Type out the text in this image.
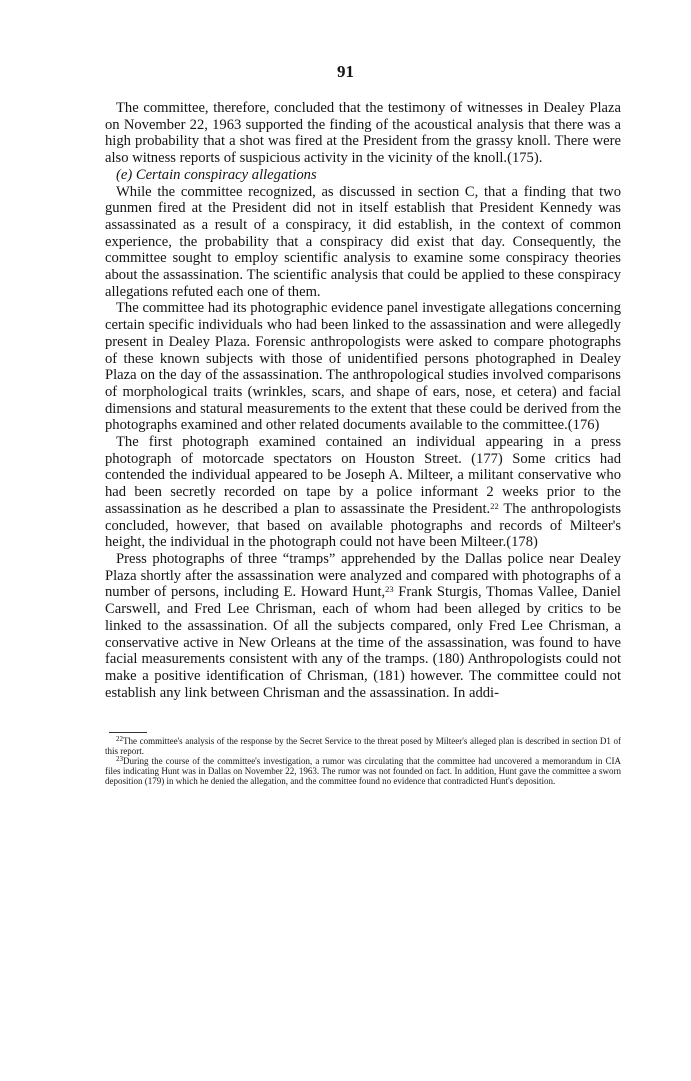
91

The committee, therefore, concluded that the testimony of witnesses in Dealey Plaza on November 22, 1963 supported the finding of the acoustical analysis that there was a high probability that a shot was fired at the President from the grassy knoll. There were also witness reports of suspicious activity in the vicinity of the knoll.(175).

(e) Certain conspiracy allegations

While the committee recognized, as discussed in section C, that a finding that two gunmen fired at the President did not in itself establish that President Kennedy was assassinated as a result of a conspiracy, it did establish, in the context of common experience, the probability that a conspiracy did exist that day. Consequently, the committee sought to employ scientific analysis to examine some conspiracy theories about the assassination. The scientific analysis that could be applied to these conspiracy allegations refuted each one of them.

The committee had its photographic evidence panel investigate allegations concerning certain specific individuals who had been linked to the assassination and were allegedly present in Dealey Plaza. Forensic anthropologists were asked to compare photographs of these known subjects with those of unidentified persons photographed in Dealey Plaza on the day of the assassination. The anthropological studies involved comparisons of morphological traits (wrinkles, scars, and shape of ears, nose, et cetera) and facial dimensions and statural measurements to the extent that these could be derived from the photographs examined and other related documents available to the committee.(176)

The first photograph examined contained an individual appearing in a press photograph of motorcade spectators on Houston Street. (177) Some critics had contended the individual appeared to be Joseph A. Milteer, a militant conservative who had been secretly recorded on tape by a police informant 2 weeks prior to the assassination as he described a plan to assassinate the President.$^{22}$ The anthropologists concluded, however, that based on available photographs and records of Milteer's height, the individual in the photograph could not have been Milteer.(178)

Press photographs of three “tramps” apprehended by the Dallas police near Dealey Plaza shortly after the assassination were analyzed and compared with photographs of a number of persons, including E. Howard Hunt,$^{23}$ Frank Sturgis, Thomas Vallee, Daniel Carswell, and Fred Lee Chrisman, each of whom had been alleged by critics to be linked to the assassination. Of all the subjects compared, only Fred Lee Chrisman, a conservative active in New Orleans at the time of the assassination, was found to have facial measurements consistent with any of the tramps. (180) Anthropologists could not make a positive identification of Chrisman, (181) however. The committee could not establish any link between Chrisman and the assassination. In addi-

$^{22}$The committee's analysis of the response by the Secret Service to the threat posed by Milteer's alleged plan is described in section D1 of this report.

$^{23}$During the course of the committee's investigation, a rumor was circulating that the committee had uncovered a memorandum in CIA files indicating Hunt was in Dallas on November 22, 1963. The rumor was not founded on fact. In addition, Hunt gave the committee a sworn deposition (179) in which he denied the allegation, and the committee found no evidence that contradicted Hunt's deposition.
